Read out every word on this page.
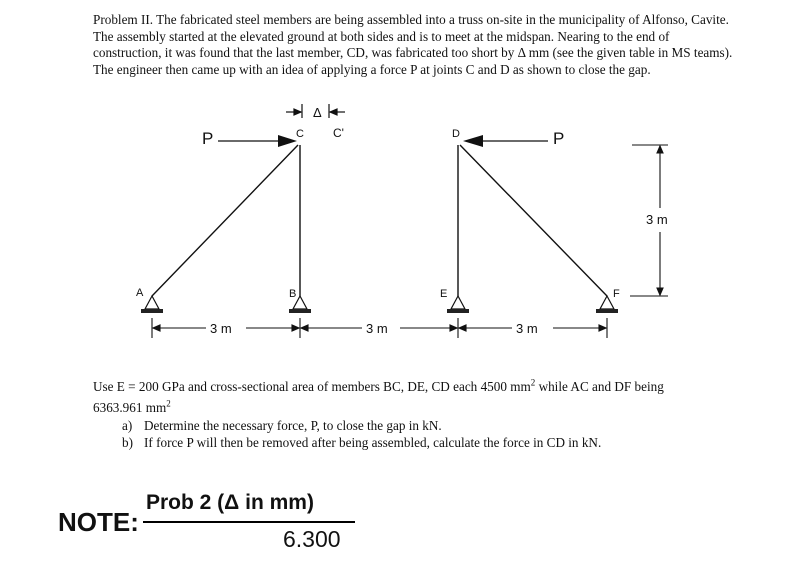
Problem II. The fabricated steel members are being assembled into a truss on-site in the municipality of Alfonso, Cavite. The assembly started at the elevated ground at both sides and is to meet at the midspan. Nearing to the end of construction, it was found that the last member, CD, was fabricated too short by Δ mm (see the given table in MS teams). The engineer then came up with an idea of applying a force P at joints C and D as shown to close the gap.

Δ
P	P
A	B
C C'	D
E	F
3 m	3 m	3 m
3 m
Use E = 200 GPa and cross-sectional area of members BC, DE, CD each 4500 $mm^2$ while AC and DF being
6363.961 $mm^2$
a) Determine the necessary force, P, to close the gap in kN.
b) If force P will then be removed after being assembled, calculate the force in CD in kN.
NOTE:
Prob 2 (Δ in mm)
6.300
